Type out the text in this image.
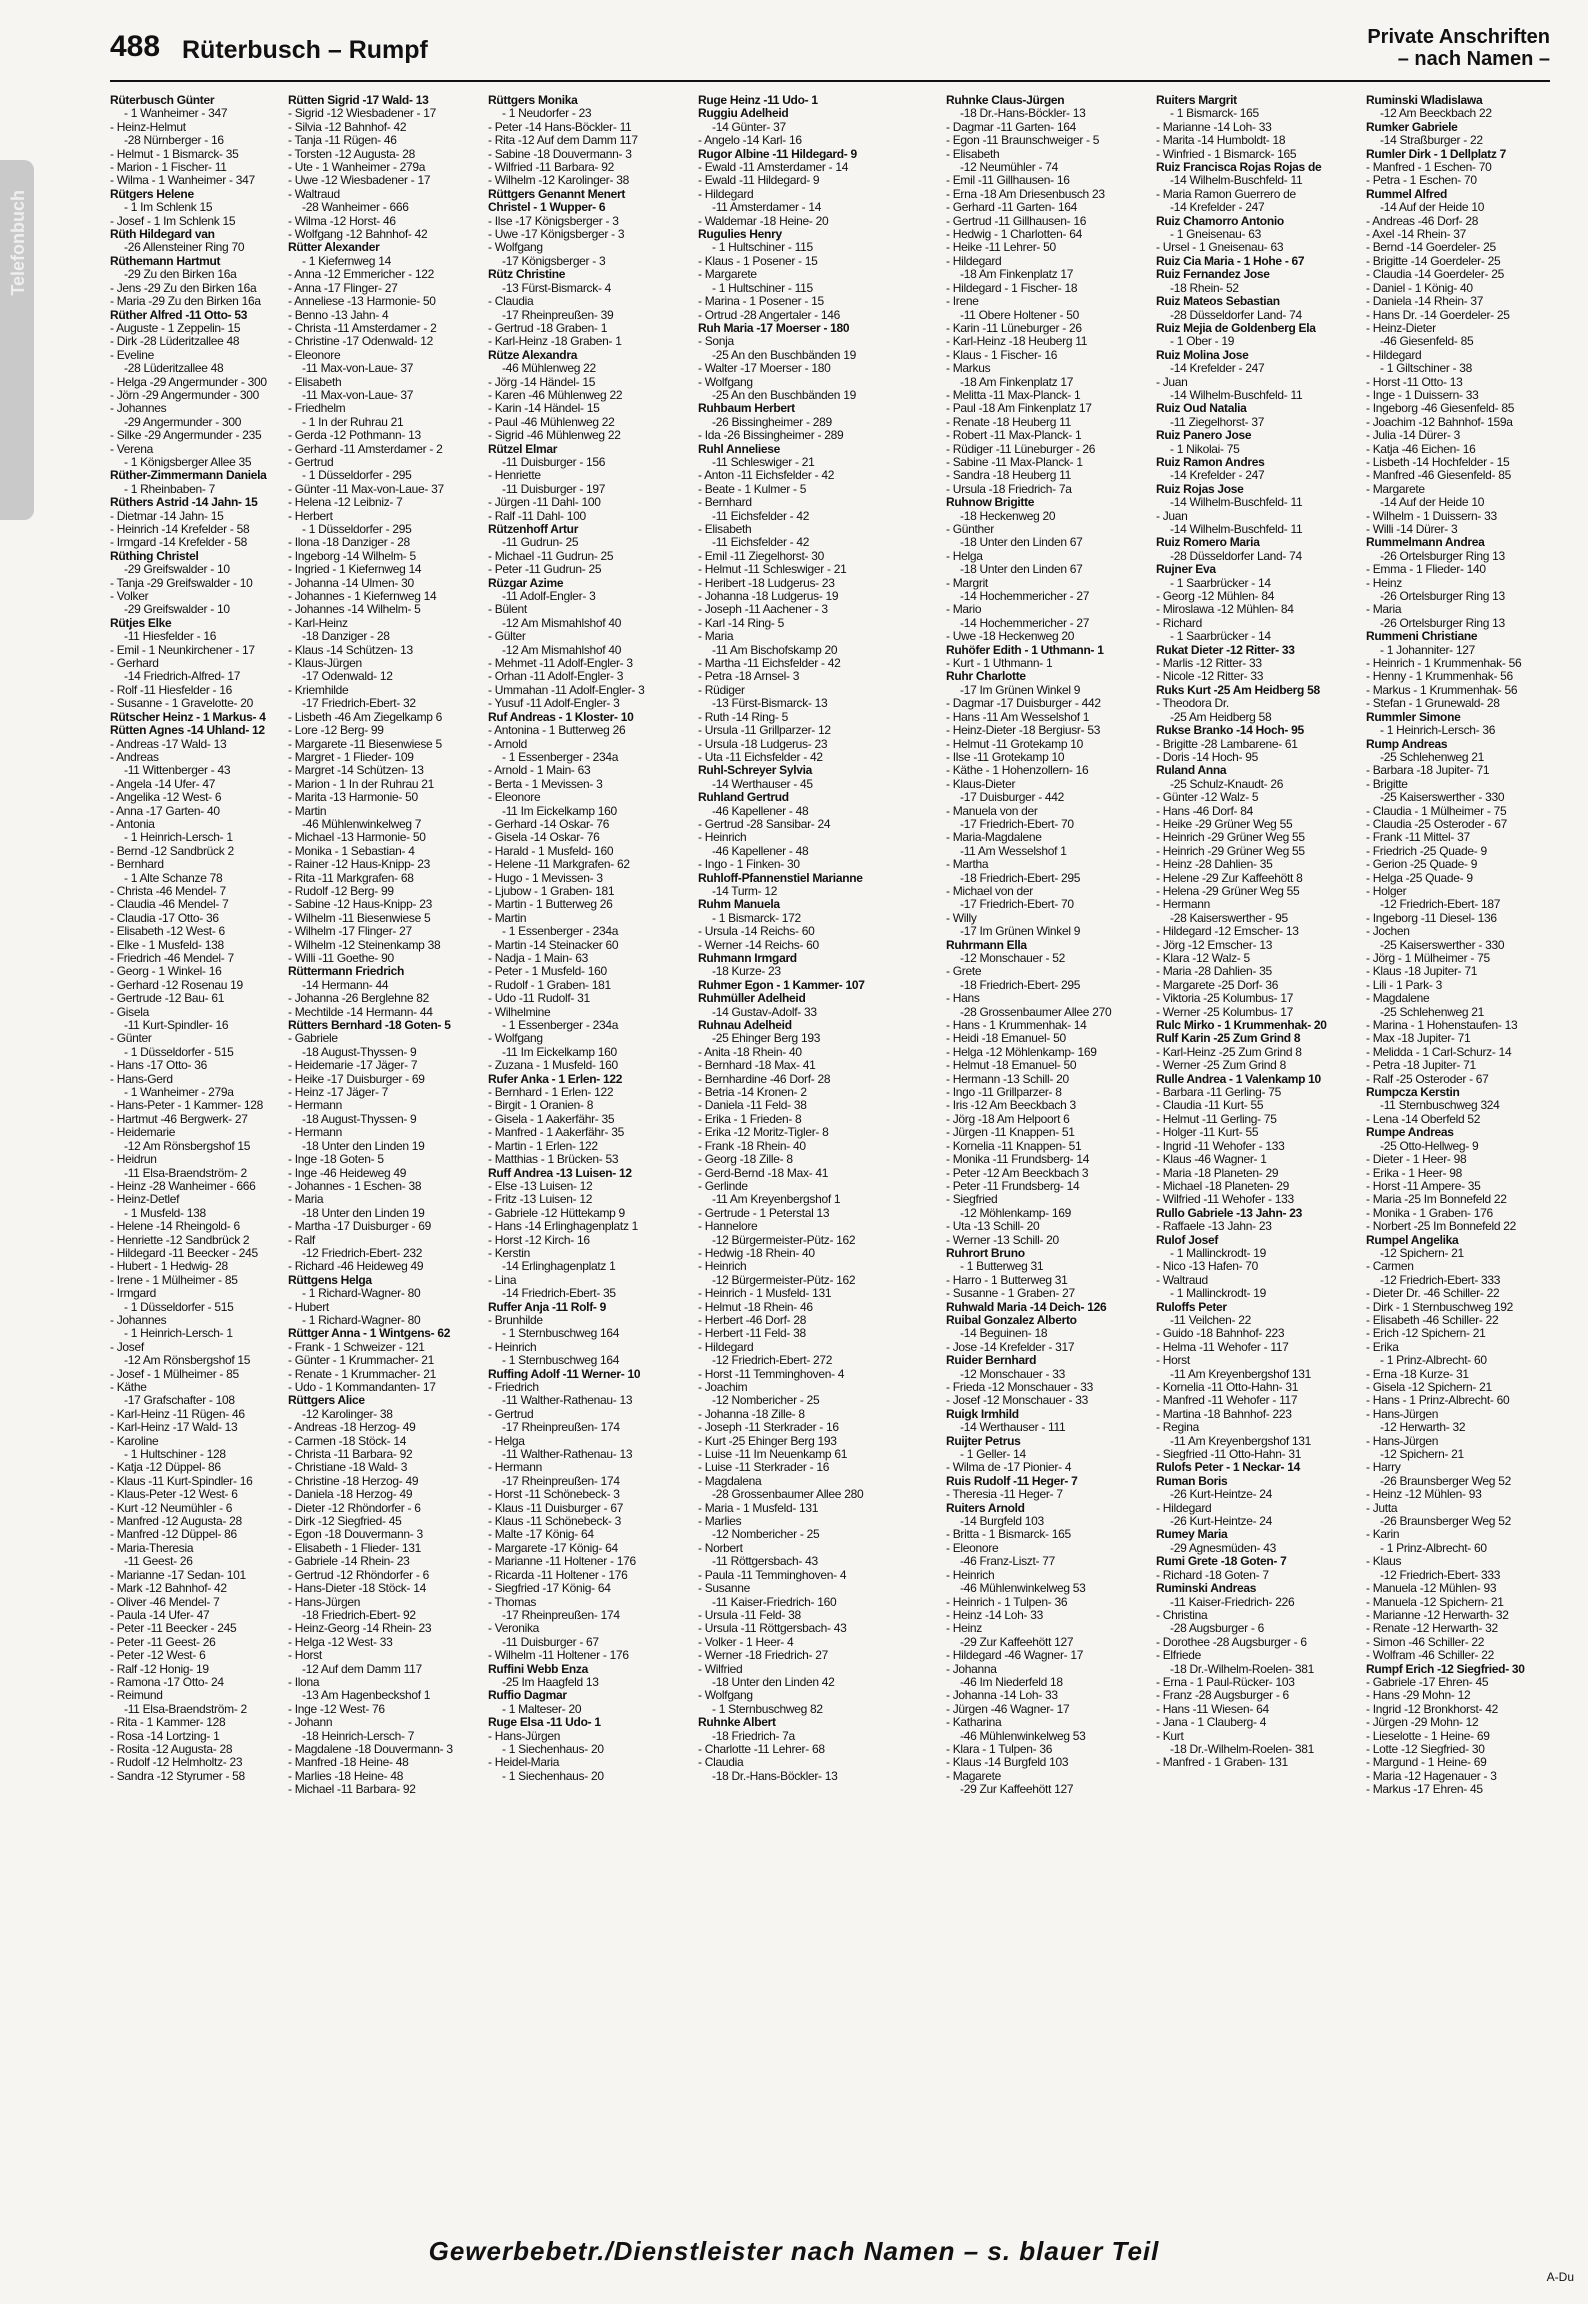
Telefonbuch
488 Rüterbusch – Rumpf	Private Anschriften
– nach Namen –
Rüterbusch Günter
- 1 Wanheimer - 347
- Heinz-Helmut
-28 Nürnberger - 16
- Helmut - 1 Bismarck- 35
- Marion - 1 Fischer- 11
- Wilma - 1 Wanheimer - 347
Rütgers Helene
- 1 Im Schlenk 15
- Josef - 1 Im Schlenk 15
Rüth Hildegard van
-26 Allensteiner Ring 70
Rüthemann Hartmut
-29 Zu den Birken 16a
- Jens -29 Zu den Birken 16a
- Maria -29 Zu den Birken 16a
Rüther Alfred -11 Otto- 53
- Auguste - 1 Zeppelin- 15
- Dirk -28 Lüderitzallee 48
- Eveline
-28 Lüderitzallee 48
- Helga -29 Angermunder - 300
- Jörn -29 Angermunder - 300
- Johannes
-29 Angermunder - 300
- Silke -29 Angermunder - 235
- Verena
- 1 Königsberger Allee 35
Rüther-Zimmermann Daniela
- 1 Rheinbaben- 7
Rüthers Astrid -14 Jahn- 15
- Dietmar -14 Jahn- 15
- Heinrich -14 Krefelder - 58
- Irmgard -14 Krefelder - 58
Rüthing Christel
-29 Greifswalder - 10
- Tanja -29 Greifswalder - 10
- Volker
-29 Greifswalder - 10
Rütjes Elke
-11 Hiesfelder - 16
- Emil - 1 Neunkirchener - 17
- Gerhard
-14 Friedrich-Alfred- 17
- Rolf -11 Hiesfelder - 16
- Susanne - 1 Gravelotte- 20
Rütscher Heinz - 1 Markus- 4
Rütten Agnes -14 Uhland- 12
- Andreas -17 Wald- 13
- Andreas
-11 Wittenberger - 43
- Angela -14 Ufer- 47
- Angelika -12 West- 6
- Anna -17 Garten- 40
- Antonia
- 1 Heinrich-Lersch- 1
- Bernd -12 Sandbrück 2
- Bernhard
- 1 Alte Schanze 78
- Christa -46 Mendel- 7
- Claudia -46 Mendel- 7
- Claudia -17 Otto- 36
- Elisabeth -12 West- 6
- Elke - 1 Musfeld- 138
- Friedrich -46 Mendel- 7
- Georg - 1 Winkel- 16
- Gerhard -12 Rosenau 19
- Gertrude -12 Bau- 61
- Gisela
-11 Kurt-Spindler- 16
- Günter
- 1 Düsseldorfer - 515
- Hans -17 Otto- 36
- Hans-Gerd
- 1 Wanheimer - 279a
- Hans-Peter - 1 Kammer- 128
- Hartmut -46 Bergwerk- 27
- Heidemarie
-12 Am Rönsbergshof 15
- Heidrun
-11 Elsa-Braendström- 2
- Heinz -28 Wanheimer - 666
- Heinz-Detlef
- 1 Musfeld- 138
- Helene -14 Rheingold- 6
- Henriette -12 Sandbrück 2
- Hildegard -11 Beecker - 245
- Hubert - 1 Hedwig- 28
- Irene - 1 Mülheimer - 85
- Irmgard
- 1 Düsseldorfer - 515
- Johannes
- 1 Heinrich-Lersch- 1
- Josef
-12 Am Rönsbergshof 15
- Josef - 1 Mülheimer - 85
- Käthe
-17 Grafschafter - 108
- Karl-Heinz -11 Rügen- 46
- Karl-Heinz -17 Wald- 13
- Karoline
- 1 Hultschiner - 128
- Katja -12 Düppel- 86
- Klaus -11 Kurt-Spindler- 16
- Klaus-Peter -12 West- 6
- Kurt -12 Neumühler - 6
- Manfred -12 Augusta- 28
- Manfred -12 Düppel- 86
- Maria-Theresia
-11 Geest- 26
- Marianne -17 Sedan- 101
- Mark -12 Bahnhof- 42
- Oliver -46 Mendel- 7
- Paula -14 Ufer- 47
- Peter -11 Beecker - 245
- Peter -11 Geest- 26
- Peter -12 West- 6
- Ralf -12 Honig- 19
- Ramona -17 Otto- 24
- Reimund
-11 Elsa-Braendström- 2
- Rita - 1 Kammer- 128
- Rosa -14 Lortzing- 1
- Rosita -12 Augusta- 28
- Rudolf -12 Helmholtz- 23
- Sandra -12 Styrumer - 58
Rütten Sigrid -17 Wald- 13
- Sigrid -12 Wiesbadener - 17
- Silvia -12 Bahnhof- 42
- Tanja -11 Rügen- 46
- Torsten -12 Augusta- 28
- Ute - 1 Wanheimer - 279a
- Uwe -12 Wiesbadener - 17
- Waltraud
-28 Wanheimer - 666
- Wilma -12 Horst- 46
- Wolfgang -12 Bahnhof- 42
Rütter Alexander
- 1 Kiefernweg 14
- Anna -12 Emmericher - 122
- Anna -17 Flinger- 27
- Anneliese -13 Harmonie- 50
- Benno -13 Jahn- 4
- Christa -11 Amsterdamer - 2
- Christine -17 Odenwald- 12
- Eleonore
-11 Max-von-Laue- 37
- Elisabeth
-11 Max-von-Laue- 37
- Friedhelm
- 1 In der Ruhrau 21
- Gerda -12 Pothmann- 13
- Gerhard -11 Amsterdamer - 2
- Gertrud
- 1 Düsseldorfer - 295
- Günter -11 Max-von-Laue- 37
- Helena -12 Leibniz- 7
- Herbert
- 1 Düsseldorfer - 295
- Ilona -18 Danziger - 28
- Ingeborg -14 Wilhelm- 5
- Ingried - 1 Kiefernweg 14
- Johanna -14 Ulmen- 30
- Johannes - 1 Kiefernweg 14
- Johannes -14 Wilhelm- 5
- Karl-Heinz
-18 Danziger - 28
- Klaus -14 Schützen- 13
- Klaus-Jürgen
-17 Odenwald- 12
- Kriemhilde
-17 Friedrich-Ebert- 32
- Lisbeth -46 Am Ziegelkamp 6
- Lore -12 Berg- 99
- Margarete -11 Biesenwiese 5
- Margret - 1 Flieder- 109
- Margret -14 Schützen- 13
- Marion - 1 In der Ruhrau 21
- Marita -13 Harmonie- 50
- Martin
-46 Mühlenwinkelweg 7
- Michael -13 Harmonie- 50
- Monika - 1 Sebastian- 4
- Rainer -12 Haus-Knipp- 23
- Rita -11 Markgrafen- 68
- Rudolf -12 Berg- 99
- Sabine -12 Haus-Knipp- 23
- Wilhelm -11 Biesenwiese 5
- Wilhelm -17 Flinger- 27
- Wilhelm -12 Steinenkamp 38
- Willi -11 Goethe- 90
Rüttermann Friedrich
-14 Hermann- 44
- Johanna -26 Berglehne 82
- Mechtilde -14 Hermann- 44
Rütters Bernhard -18 Goten- 5
- Gabriele
-18 August-Thyssen- 9
- Heidemarie -17 Jäger- 7
- Heike -17 Duisburger - 69
- Heinz -17 Jäger- 7
- Hermann
-18 August-Thyssen- 9
- Hermann
-18 Unter den Linden 19
- Inge -18 Goten- 5
- Inge -46 Heideweg 49
- Johannes - 1 Eschen- 38
- Maria
-18 Unter den Linden 19
- Martha -17 Duisburger - 69
- Ralf
-12 Friedrich-Ebert- 232
- Richard -46 Heideweg 49
Rüttgens Helga
- 1 Richard-Wagner- 80
- Hubert
- 1 Richard-Wagner- 80
Rüttger Anna - 1 Wintgens- 62
- Frank - 1 Schweizer - 121
- Günter - 1 Krummacher- 21
- Renate - 1 Krummacher- 21
- Udo - 1 Kommandanten- 17
Rüttgers Alice
-12 Karolinger- 38
- Andreas -18 Herzog- 49
- Carmen -18 Stöck- 14
- Christa -11 Barbara- 92
- Christiane -18 Wald- 3
- Christine -18 Herzog- 49
- Daniela -18 Herzog- 49
- Dieter -12 Rhöndorfer - 6
- Dirk -12 Siegfried- 45
- Egon -18 Douvermann- 3
- Elisabeth - 1 Flieder- 131
- Gabriele -14 Rhein- 23
- Gertrud -12 Rhöndorfer - 6
- Hans-Dieter -18 Stöck- 14
- Hans-Jürgen
-18 Friedrich-Ebert- 92
- Heinz-Georg -14 Rhein- 23
- Helga -12 West- 33
- Horst
-12 Auf dem Damm 117
- Ilona
-13 Am Hagenbeckshof 1
- Inge -12 West- 76
- Johann
-18 Heinrich-Lersch- 7
- Magdalene -18 Douvermann- 3
- Manfred -18 Heine- 48
- Marlies -18 Heine- 48
- Michael -11 Barbara- 92
Rüttgers Monika
- 1 Neudorfer - 23
- Peter -14 Hans-Böckler- 11
- Rita -12 Auf dem Damm 117
- Sabine -18 Douvermann- 3
- Wilfried -11 Barbara- 92
- Wilhelm -12 Karolinger- 38
Rüttgers Genannt Menert
Christel - 1 Wupper- 6
- Ilse -17 Königsberger - 3
- Uwe -17 Königsberger - 3
- Wolfgang
-17 Königsberger - 3
Rütz Christine
-13 Fürst-Bismarck- 4
- Claudia
-17 Rheinpreußen- 39
- Gertrud -18 Graben- 1
- Karl-Heinz -18 Graben- 1
Rütze Alexandra
-46 Mühlenweg 22
- Jörg -14 Händel- 15
- Karen -46 Mühlenweg 22
- Karin -14 Händel- 15
- Paul -46 Mühlenweg 22
- Sigrid -46 Mühlenweg 22
Rützel Elmar
-11 Duisburger - 156
- Henriette
-11 Duisburger - 197
- Jürgen -11 Dahl- 100
- Ralf -11 Dahl- 100
Rützenhoff Artur
-11 Gudrun- 25
- Michael -11 Gudrun- 25
- Peter -11 Gudrun- 25
Rüzgar Azime
-11 Adolf-Engler- 3
- Bülent
-12 Am Mismahlshof 40
- Gülter
-12 Am Mismahlshof 40
- Mehmet -11 Adolf-Engler- 3
- Orhan -11 Adolf-Engler- 3
- Ummahan -11 Adolf-Engler- 3
- Yusuf -11 Adolf-Engler- 3
Ruf Andreas - 1 Kloster- 10
- Antonina - 1 Butterweg 26
- Arnold
- 1 Essenberger - 234a
- Arnold - 1 Main- 63
- Berta - 1 Mevissen- 3
- Eleonore
-11 Im Eickelkamp 160
- Gerhard -14 Oskar- 76
- Gisela -14 Oskar- 76
- Harald - 1 Musfeld- 160
- Helene -11 Markgrafen- 62
- Hugo - 1 Mevissen- 3
- Ljubow - 1 Graben- 181
- Martin - 1 Butterweg 26
- Martin
- 1 Essenberger - 234a
- Martin -14 Steinacker 60
- Nadja - 1 Main- 63
- Peter - 1 Musfeld- 160
- Rudolf - 1 Graben- 181
- Udo -11 Rudolf- 31
- Wilhelmine
- 1 Essenberger - 234a
- Wolfgang
-11 Im Eickelkamp 160
- Zuzana - 1 Musfeld- 160
Rufer Anka - 1 Erlen- 122
- Bernhard - 1 Erlen- 122
- Birgit - 1 Oranien- 8
- Gisela - 1 Aakerfähr- 35
- Manfred - 1 Aakerfähr- 35
- Martin - 1 Erlen- 122
- Matthias - 1 Brücken- 53
Ruff Andrea -13 Luisen- 12
- Else -13 Luisen- 12
- Fritz -13 Luisen- 12
- Gabriele -12 Hüttekamp 9
- Hans -14 Erlinghagenplatz 1
- Horst -12 Kirch- 16
- Kerstin
-14 Erlinghagenplatz 1
- Lina
-14 Friedrich-Ebert- 35
Ruffer Anja -11 Rolf- 9
- Brunhilde
- 1 Sternbuschweg 164
- Heinrich
- 1 Sternbuschweg 164
Ruffing Adolf -11 Werner- 10
- Friedrich
-11 Walther-Rathenau- 13
- Gertrud
-17 Rheinpreußen- 174
- Helga
-11 Walther-Rathenau- 13
- Hermann
-17 Rheinpreußen- 174
- Horst -11 Schönebeck- 3
- Klaus -11 Duisburger - 67
- Klaus -11 Schönebeck- 3
- Malte -17 König- 64
- Margarete -17 König- 64
- Marianne -11 Holtener - 176
- Ricarda -11 Holtener - 176
- Siegfried -17 König- 64
- Thomas
-17 Rheinpreußen- 174
- Veronika
-11 Duisburger - 67
- Wilhelm -11 Holtener - 176
Ruffini Webb Enza
-25 Im Haagfeld 13
Ruffio Dagmar
- 1 Malteser- 20
Ruge Elsa -11 Udo- 1
- Hans-Jürgen
- 1 Siechenhaus- 20
- Heidel-Maria
- 1 Siechenhaus- 20
Ruge Heinz -11 Udo- 1
Ruggiu Adelheid
-14 Günter- 37
- Angelo -14 Karl- 16
Rugor Albine -11 Hildegard- 9
- Ewald -11 Amsterdamer - 14
- Ewald -11 Hildegard- 9
- Hildegard
-11 Amsterdamer - 14
- Waldemar -18 Heine- 20
Rugulies Henry
- 1 Hultschiner - 115
- Klaus - 1 Posener - 15
- Margarete
- 1 Hultschiner - 115
- Marina - 1 Posener - 15
- Ortrud -28 Angertaler - 146
Ruh Maria -17 Moerser - 180
- Sonja
-25 An den Buschbänden 19
- Walter -17 Moerser - 180
- Wolfgang
-25 An den Buschbänden 19
Ruhbaum Herbert
-26 Bissingheimer - 289
- Ida -26 Bissingheimer - 289
Ruhl Anneliese
-11 Schleswiger - 21
- Anton -11 Eichsfelder - 42
- Beate - 1 Kulmer - 5
- Bernhard
-11 Eichsfelder - 42
- Elisabeth
-11 Eichsfelder - 42
- Emil -11 Ziegelhorst- 30
- Helmut -11 Schleswiger - 21
- Heribert -18 Ludgerus- 23
- Johanna -18 Ludgerus- 19
- Joseph -11 Aachener - 3
- Karl -14 Ring- 5
- Maria
-11 Am Bischofskamp 20
- Martha -11 Eichsfelder - 42
- Petra -18 Arnsel- 3
- Rüdiger
-13 Fürst-Bismarck- 13
- Ruth -14 Ring- 5
- Ursula -11 Grillparzer- 12
- Ursula -18 Ludgerus- 23
- Uta -11 Eichsfelder - 42
Ruhl-Schreyer Sylvia
-14 Werthauser - 45
Ruhland Gertrud
-46 Kapellener - 48
- Gertrud -28 Sansibar- 24
- Heinrich
-46 Kapellener - 48
- Ingo - 1 Finken- 30
Ruhloff-Pfannenstiel Marianne
-14 Turm- 12
Ruhm Manuela
- 1 Bismarck- 172
- Ursula -14 Reichs- 60
- Werner -14 Reichs- 60
Ruhmann Irmgard
-18 Kurze- 23
Ruhmer Egon - 1 Kammer- 107
Ruhmüller Adelheid
-14 Gustav-Adolf- 33
Ruhnau Adelheid
-25 Ehinger Berg 193
- Anita -18 Rhein- 40
- Bernhard -18 Max- 41
- Bernhardine -46 Dorf- 28
- Betria -14 Kronen- 2
- Daniela -11 Feld- 38
- Erika - 1 Frieden- 8
- Erika -12 Moritz-Tigler- 8
- Frank -18 Rhein- 40
- Georg -18 Zille- 8
- Gerd-Bernd -18 Max- 41
- Gerlinde
-11 Am Kreyenbergshof 1
- Gertrude - 1 Peterstal 13
- Hannelore
-12 Bürgermeister-Pütz- 162
- Hedwig -18 Rhein- 40
- Heinrich
-12 Bürgermeister-Pütz- 162
- Heinrich - 1 Musfeld- 131
- Helmut -18 Rhein- 46
- Herbert -46 Dorf- 28
- Herbert -11 Feld- 38
- Hildegard
-12 Friedrich-Ebert- 272
- Horst -11 Temminghoven- 4
- Joachim
-12 Nombericher - 25
- Johanna -18 Zille- 8
- Joseph -11 Sterkrader - 16
- Kurt -25 Ehinger Berg 193
- Luise -11 Im Neuenkamp 61
- Luise -11 Sterkrader - 16
- Magdalena
-28 Grossenbaumer Allee 280
- Maria - 1 Musfeld- 131
- Marlies
-12 Nombericher - 25
- Norbert
-11 Röttgersbach- 43
- Paula -11 Temminghoven- 4
- Susanne
-11 Kaiser-Friedrich- 160
- Ursula -11 Feld- 38
- Ursula -11 Röttgersbach- 43
- Volker - 1 Heer- 4
- Werner -18 Friedrich- 27
- Wilfried
-18 Unter den Linden 42
- Wolfgang
- 1 Sternbuschweg 82
Ruhnke Albert
-18 Friedrich- 7a
- Charlotte -11 Lehrer- 68
- Claudia
-18 Dr.-Hans-Böckler- 13
Ruhnke Claus-Jürgen
-18 Dr.-Hans-Böckler- 13
- Dagmar -11 Garten- 164
- Egon -11 Braunschweiger - 5
- Elisabeth
-12 Neumühler - 74
- Emil -11 Gillhausen- 16
- Erna -18 Am Driesenbusch 23
- Gerhard -11 Garten- 164
- Gertrud -11 Gillhausen- 16
- Hedwig - 1 Charlotten- 64
- Heike -11 Lehrer- 50
- Hildegard
-18 Am Finkenplatz 17
- Hildegard - 1 Fischer- 18
- Irene
-11 Obere Holtener - 50
- Karin -11 Lüneburger - 26
- Karl-Heinz -18 Heuberg 11
- Klaus - 1 Fischer- 16
- Markus
-18 Am Finkenplatz 17
- Melitta -11 Max-Planck- 1
- Paul -18 Am Finkenplatz 17
- Renate -18 Heuberg 11
- Robert -11 Max-Planck- 1
- Rüdiger -11 Lüneburger - 26
- Sabine -11 Max-Planck- 1
- Sandra -18 Heuberg 11
- Ursula -18 Friedrich- 7a
Ruhnow Brigitte
-18 Heckenweg 20
- Günther
-18 Unter den Linden 67
- Helga
-18 Unter den Linden 67
- Margrit
-14 Hochemmericher - 27
- Mario
-14 Hochemmericher - 27
- Uwe -18 Heckenweg 20
Ruhöfer Edith - 1 Uthmann- 1
- Kurt - 1 Uthmann- 1
Ruhr Charlotte
-17 Im Grünen Winkel 9
- Dagmar -17 Duisburger - 442
- Hans -11 Am Wesselshof 1
- Heinz-Dieter -18 Bergiusr- 53
- Helmut -11 Grotekamp 10
- Ilse -11 Grotekamp 10
- Käthe - 1 Hohenzollern- 16
- Klaus-Dieter
-17 Duisburger - 442
- Manuela von der
-17 Friedrich-Ebert- 70
- Maria-Magdalene
-11 Am Wesselshof 1
- Martha
-18 Friedrich-Ebert- 295
- Michael von der
-17 Friedrich-Ebert- 70
- Willy
-17 Im Grünen Winkel 9
Ruhrmann Ella
-12 Monschauer - 52
- Grete
-18 Friedrich-Ebert- 295
- Hans
-28 Grossenbaumer Allee 270
- Hans - 1 Krummenhak- 14
- Heidi -18 Emanuel- 50
- Helga -12 Möhlenkamp- 169
- Helmut -18 Emanuel- 50
- Hermann -13 Schill- 20
- Ingo -11 Grillparzer- 8
- Iris -12 Am Beeckbach 3
- Jörg -18 Am Helpoort 6
- Jürgen -11 Knappen- 51
- Kornelia -11 Knappen- 51
- Monika -11 Frundsberg- 14
- Peter -12 Am Beeckbach 3
- Peter -11 Frundsberg- 14
- Siegfried
-12 Möhlenkamp- 169
- Uta -13 Schill- 20
- Werner -13 Schill- 20
Ruhrort Bruno
- 1 Butterweg 31
- Harro - 1 Butterweg 31
- Susanne - 1 Graben- 27
Ruhwald Maria -14 Deich- 126
Ruibal Gonzalez Alberto
-14 Beguinen- 18
- Jose -14 Krefelder - 317
Ruider Bernhard
-12 Monschauer - 33
- Frieda -12 Monschauer - 33
- Josef -12 Monschauer - 33
Ruigk Irmhild
-14 Werthauser - 111
Ruijter Petrus
- 1 Geller- 14
- Wilma de -17 Pionier- 4
Ruis Rudolf -11 Heger- 7
- Theresia -11 Heger- 7
Ruiters Arnold
-14 Burgfeld 103
- Britta - 1 Bismarck- 165
- Eleonore
-46 Franz-Liszt- 77
- Heinrich
-46 Mühlenwinkelweg 53
- Heinrich - 1 Tulpen- 36
- Heinz -14 Loh- 33
- Heinz
-29 Zur Kaffeehött 127
- Hildegard -46 Wagner- 17
- Johanna
-46 Im Niederfeld 18
- Johanna -14 Loh- 33
- Jürgen -46 Wagner- 17
- Katharina
-46 Mühlenwinkelweg 53
- Klara - 1 Tulpen- 36
- Klaus -14 Burgfeld 103
- Magarete
-29 Zur Kaffeehött 127
Ruiters Margrit
- 1 Bismarck- 165
- Marianne -14 Loh- 33
- Marita -14 Humboldt- 18
- Winfried - 1 Bismarck- 165
Ruiz Francisca Rojas Rojas de
-14 Wilhelm-Buschfeld- 11
- Maria Ramon Guerrero de
-14 Krefelder - 247
Ruiz Chamorro Antonio
- 1 Gneisenau- 63
- Ursel - 1 Gneisenau- 63
Ruiz Cia Maria - 1 Hohe - 67
Ruiz Fernandez Jose
-18 Rhein- 52
Ruiz Mateos Sebastian
-28 Düsseldorfer Land- 74
Ruiz Mejia de Goldenberg Ela
- 1 Ober - 19
Ruiz Molina Jose
-14 Krefelder - 247
- Juan
-14 Wilhelm-Buschfeld- 11
Ruiz Oud Natalia
-11 Ziegelhorst- 37
Ruiz Panero Jose
- 1 Nikolai- 75
Ruiz Ramon Andres
-14 Krefelder - 247
Ruiz Rojas Jose
-14 Wilhelm-Buschfeld- 11
- Juan
-14 Wilhelm-Buschfeld- 11
Ruiz Romero Maria
-28 Düsseldorfer Land- 74
Rujner Eva
- 1 Saarbrücker - 14
- Georg -12 Mühlen- 84
- Miroslawa -12 Mühlen- 84
- Richard
- 1 Saarbrücker - 14
Rukat Dieter -12 Ritter- 33
- Marlis -12 Ritter- 33
- Nicole -12 Ritter- 33
Ruks Kurt -25 Am Heidberg 58
- Theodora Dr.
-25 Am Heidberg 58
Rukse Branko -14 Hoch- 95
- Brigitte -28 Lambarene- 61
- Doris -14 Hoch- 95
Ruland Anna
-25 Schulz-Knaudt- 26
- Günter -12 Walz- 5
- Hans -46 Dorf- 84
- Heike -29 Grüner Weg 55
- Heinrich -29 Grüner Weg 55
- Heinrich -29 Grüner Weg 55
- Heinz -28 Dahlien- 35
- Helene -29 Zur Kaffeehött 8
- Helena -29 Grüner Weg 55
- Hermann
-28 Kaiserswerther - 95
- Hildegard -12 Emscher- 13
- Jörg -12 Emscher- 13
- Klara -12 Walz- 5
- Maria -28 Dahlien- 35
- Margarete -25 Dorf- 36
- Viktoria -25 Kolumbus- 17
- Werner -25 Kolumbus- 17
Rulc Mirko - 1 Krummenhak- 20
Rulf Karin -25 Zum Grind 8
- Karl-Heinz -25 Zum Grind 8
- Werner -25 Zum Grind 8
Rulle Andrea - 1 Valenkamp 10
- Barbara -11 Gerling- 75
- Claudia -11 Kurt- 55
- Helmut -11 Gerling- 75
- Holger -11 Kurt- 55
- Ingrid -11 Wehofer - 133
- Klaus -46 Wagner- 1
- Maria -18 Planeten- 29
- Michael -18 Planeten- 29
- Wilfried -11 Wehofer - 133
Rullo Gabriele -13 Jahn- 23
- Raffaele -13 Jahn- 23
Rulof Josef
- 1 Mallinckrodt- 19
- Nico -13 Hafen- 70
- Waltraud
- 1 Mallinckrodt- 19
Ruloffs Peter
-11 Veilchen- 22
- Guido -18 Bahnhof- 223
- Helma -11 Wehofer - 117
- Horst
-11 Am Kreyenbergshof 131
- Kornelia -11 Otto-Hahn- 31
- Manfred -11 Wehofer - 117
- Martina -18 Bahnhof- 223
- Regina
-11 Am Kreyenbergshof 131
- Siegfried -11 Otto-Hahn- 31
Rulofs Peter - 1 Neckar- 14
Ruman Boris
-26 Kurt-Heintze- 24
- Hildegard
-26 Kurt-Heintze- 24
Rumey Maria
-29 Agnesmüden- 43
Rumi Grete -18 Goten- 7
- Richard -18 Goten- 7
Ruminski Andreas
-11 Kaiser-Friedrich- 226
- Christina
-28 Augsburger - 6
- Dorothee -28 Augsburger - 6
- Elfriede
-18 Dr.-Wilhelm-Roelen- 381
- Erna - 1 Paul-Rücker- 103
- Franz -28 Augsburger - 6
- Hans -11 Wiesen- 64
- Jana - 1 Clauberg- 4
- Kurt
-18 Dr.-Wilhelm-Roelen- 381
- Manfred - 1 Graben- 131
Ruminski Wladislawa
-12 Am Beeckbach 22
Rumker Gabriele
-14 Straßburger - 22
Rumler Dirk - 1 Dellplatz 7
- Manfred - 1 Eschen- 70
- Petra - 1 Eschen- 70
Rummel Alfred
-14 Auf der Heide 10
- Andreas -46 Dorf- 28
- Axel -14 Rhein- 37
- Bernd -14 Goerdeler- 25
- Brigitte -14 Goerdeler- 25
- Claudia -14 Goerdeler- 25
- Daniel - 1 König- 40
- Daniela -14 Rhein- 37
- Hans Dr. -14 Goerdeler- 25
- Heinz-Dieter
-46 Giesenfeld- 85
- Hildegard
- 1 Giltschiner - 38
- Horst -11 Otto- 13
- Inge - 1 Duissern- 33
- Ingeborg -46 Giesenfeld- 85
- Joachim -12 Bahnhof- 159a
- Julia -14 Dürer- 3
- Katja -46 Eichen- 16
- Lisbeth -14 Hochfelder - 15
- Manfred -46 Giesenfeld- 85
- Margarete
-14 Auf der Heide 10
- Wilhelm - 1 Duissern- 33
- Willi -14 Dürer- 3
Rummelmann Andrea
-26 Ortelsburger Ring 13
- Emma - 1 Flieder- 140
- Heinz
-26 Ortelsburger Ring 13
- Maria
-26 Ortelsburger Ring 13
Rummeni Christiane
- 1 Johanniter- 127
- Heinrich - 1 Krummenhak- 56
- Henny - 1 Krummenhak- 56
- Markus - 1 Krummenhak- 56
- Stefan - 1 Grunewald- 28
Rummler Simone
- 1 Heinrich-Lersch- 36
Rump Andreas
-25 Schlehenweg 21
- Barbara -18 Jupiter- 71
- Brigitte
-25 Kaiserswerther - 330
- Claudia - 1 Mülheimer - 75
- Claudia -25 Osteroder - 67
- Frank -11 Mittel- 37
- Friedrich -25 Quade- 9
- Gerion -25 Quade- 9
- Helga -25 Quade- 9
- Holger
-12 Friedrich-Ebert- 187
- Ingeborg -11 Diesel- 136
- Jochen
-25 Kaiserswerther - 330
- Jörg - 1 Mülheimer - 75
- Klaus -18 Jupiter- 71
- Lili - 1 Park- 3
- Magdalene
-25 Schlehenweg 21
- Marina - 1 Hohenstaufen- 13
- Max -18 Jupiter- 71
- Melidda - 1 Carl-Schurz- 14
- Petra -18 Jupiter- 71
- Ralf -25 Osteroder - 67
Rumpcza Kerstin
-11 Sternbuschweg 324
- Lena -14 Oberfeld 52
Rumpe Andreas
-25 Otto-Hellweg- 9
- Dieter - 1 Heer- 98
- Erika - 1 Heer- 98
- Horst -11 Ampere- 35
- Maria -25 Im Bonnefeld 22
- Monika - 1 Graben- 176
- Norbert -25 Im Bonnefeld 22
Rumpel Angelika
-12 Spichern- 21
- Carmen
-12 Friedrich-Ebert- 333
- Dieter Dr. -46 Schiller- 22
- Dirk - 1 Sternbuschweg 192
- Elisabeth -46 Schiller- 22
- Erich -12 Spichern- 21
- Erika
- 1 Prinz-Albrecht- 60
- Erna -18 Kurze- 31
- Gisela -12 Spichern- 21
- Hans - 1 Prinz-Albrecht- 60
- Hans-Jürgen
-12 Herwarth- 32
- Hans-Jürgen
-12 Spichern- 21
- Harry
-26 Braunsberger Weg 52
- Heinz -12 Mühlen- 93
- Jutta
-26 Braunsberger Weg 52
- Karin
- 1 Prinz-Albrecht- 60
- Klaus
-12 Friedrich-Ebert- 333
- Manuela -12 Mühlen- 93
- Manuela -12 Spichern- 21
- Marianne -12 Herwarth- 32
- Renate -12 Herwarth- 32
- Simon -46 Schiller- 22
- Wolfram -46 Schiller- 22
Rumpf Erich -12 Siegfried- 30
- Gabriele -17 Ehren- 45
- Hans -29 Mohn- 12
- Ingrid -12 Bronkhorst- 42
- Jürgen -29 Mohn- 12
- Lieselotte - 1 Heine- 69
- Lotte -12 Siegfried- 30
- Margund - 1 Heine- 69
- Maria -12 Hagenauer - 3
- Markus -17 Ehren- 45
Gewerbebetr./Dienstleister nach Namen – s. blauer Teil
A-Du
